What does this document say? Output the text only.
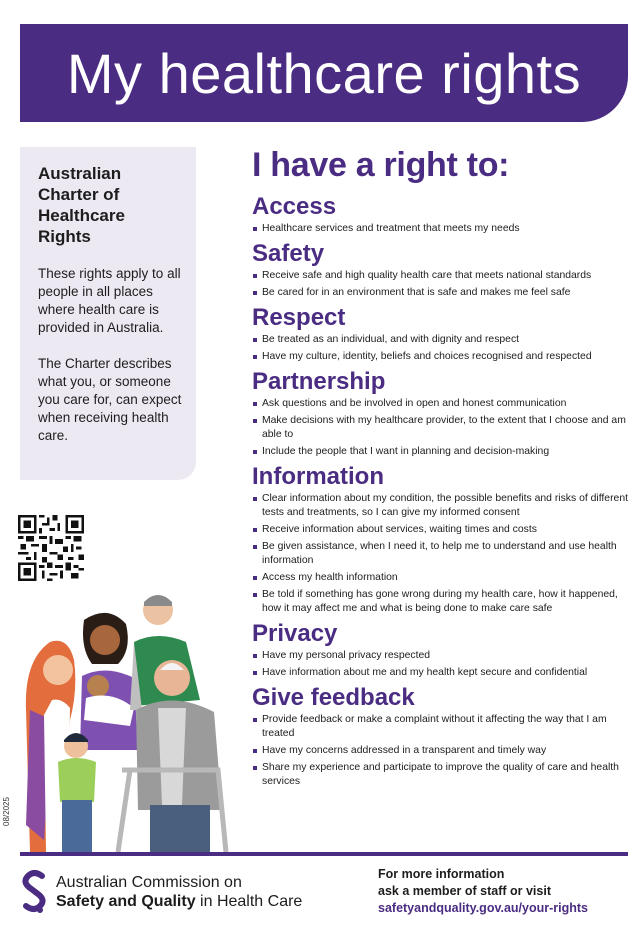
My healthcare rights
Australian Charter of Healthcare Rights

These rights apply to all people in all places where health care is provided in Australia.

The Charter describes what you, or someone you care for, can expect when receiving health care.

08/2025
I have a right to:
Access
Healthcare services and treatment that meets my needs
Safety
Receive safe and high quality health care that meets national standards
Be cared for in an environment that is safe and makes me feel safe
Respect
Be treated as an individual, and with dignity and respect
Have my culture, identity, beliefs and choices recognised and respected
Partnership
Ask questions and be involved in open and honest communication
Make decisions with my healthcare provider, to the extent that I choose and am able to
Include the people that I want in planning and decision-making
Information
Clear information about my condition, the possible benefits and risks of different tests and treatments, so I can give my informed consent
Receive information about services, waiting times and costs
Be given assistance, when I need it, to help me to understand and use health information
Access my health information
Be told if something has gone wrong during my health care, how it happened, how it may affect me and what is being done to make care safe
Privacy
Have my personal privacy respected
Have information about me and my health kept secure and confidential
Give feedback
Provide feedback or make a complaint without it affecting the way that I am treated
Have my concerns addressed in a transparent and timely way
Share my experience and participate to improve the quality of care and health services
Australian Commission on
Safety and Quality in Health Care
For more information
ask a member of staff or visit
safetyandquality.gov.au/your-rights
